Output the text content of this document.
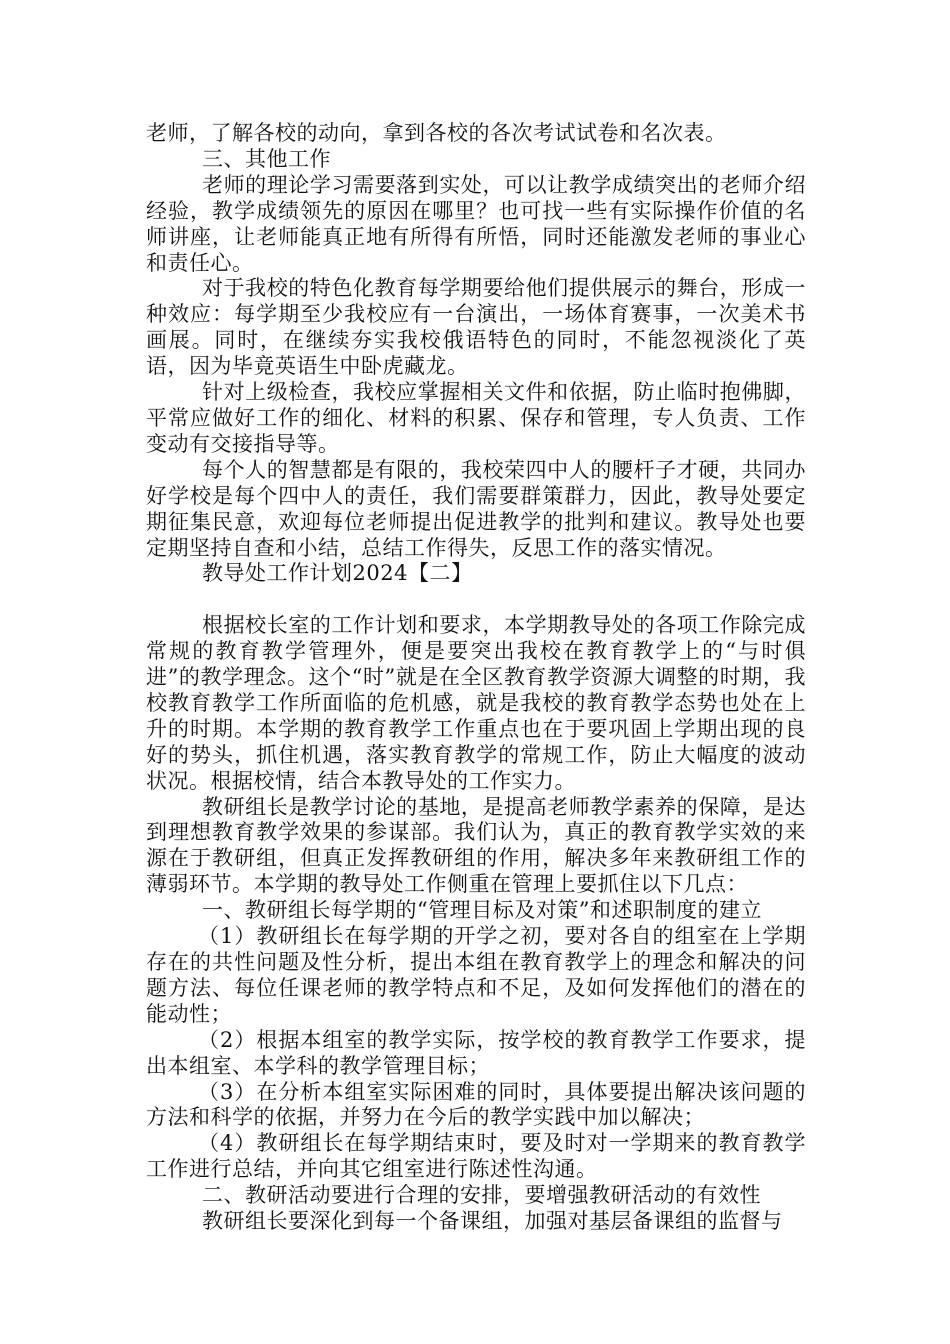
老师，了解各校的动向，拿到各校的各次考试试卷和名次表。

三、其他工作

老师的理论学习需要落到实处，可以让教学成绩突出的老师介绍经验，教学成绩领先的原因在哪里？也可找一些有实际操作价值的名师讲座，让老师能真正地有所得有所悟，同时还能激发老师的事业心和责任心。

对于我校的特色化教育每学期要给他们提供展示的舞台，形成一种效应：每学期至少我校应有一台演出，一场体育赛事，一次美术书画展。同时，在继续夯实我校俄语特色的同时，不能忽视淡化了英语，因为毕竟英语生中卧虎藏龙。

针对上级检查，我校应掌握相关文件和依据，防止临时抱佛脚，平常应做好工作的细化、材料的积累、保存和管理，专人负责、工作变动有交接指导等。

每个人的智慧都是有限的，我校荣四中人的腰杆子才硬，共同办好学校是每个四中人的责任，我们需要群策群力，因此，教导处要定期征集民意，欢迎每位老师提出促进教学的批判和建议。教导处也要定期坚持自查和小结，总结工作得失，反思工作的落实情况。

教导处工作计划2024【二】

根据校长室的工作计划和要求，本学期教导处的各项工作除完成常规的教育教学管理外，便是要突出我校在教育教学上的“与时俱进”的教学理念。这个“时”就是在全区教育教学资源大调整的时期，我校教育教学工作所面临的危机感，就是我校的教育教学态势也处在上升的时期。本学期的教育教学工作重点也在于要巩固上学期出现的良好的势头，抓住机遇，落实教育教学的常规工作，防止大幅度的波动状况。根据校情，结合本教导处的工作实力。

教研组长是教学讨论的基地，是提高老师教学素养的保障，是达到理想教育教学效果的参谋部。我们认为，真正的教育教学实效的来源在于教研组，但真正发挥教研组的作用，解决多年来教研组工作的薄弱环节。本学期的教导处工作侧重在管理上要抓住以下几点：

一、教研组长每学期的“管理目标及对策”和述职制度的建立

（1）教研组长在每学期的开学之初，要对各自的组室在上学期存在的共性问题及性分析，提出本组在教育教学上的理念和解决的问题方法、每位任课老师的教学特点和不足，及如何发挥他们的潜在的能动性；

（2）根据本组室的教学实际，按学校的教育教学工作要求，提出本组室、本学科的教学管理目标；

（3）在分析本组室实际困难的同时，具体要提出解决该问题的方法和科学的依据，并努力在今后的教学实践中加以解决；

（4）教研组长在每学期结束时，要及时对一学期来的教育教学工作进行总结，并向其它组室进行陈述性沟通。

二、教研活动要进行合理的安排，要增强教研活动的有效性

教研组长要深化到每一个备课组，加强对基层备课组的监督与
